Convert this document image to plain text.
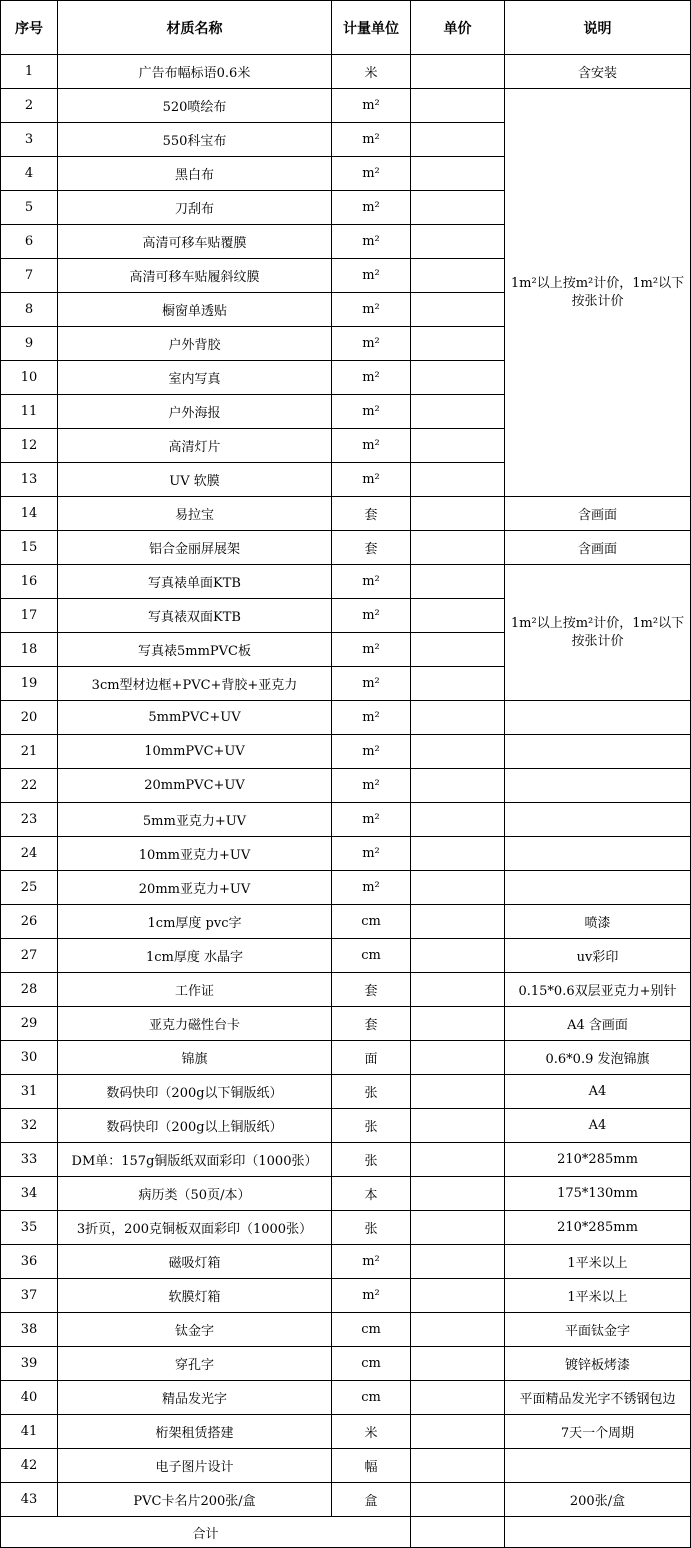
序号	材质名称	计量单位	单价	说明
1	广告布幅标语0.6米	米		含安装
2	520喷绘布	m²		1m²以上按m²计价，1m²以下按张计价
3	550科宝布	m²		
4	黑白布	m²		
5	刀刮布	m²		
6	高清可移车贴覆膜	m²		
7	高清可移车贴履斜纹膜	m²		
8	橱窗单透贴	m²		
9	户外背胶	m²		
10	室内写真	m²		
11	户外海报	m²		
12	高清灯片	m²		
13	UV 软膜	m²		
14	易拉宝	套		含画面
15	铝合金丽屏展架	套		含画面
16	写真裱单面KTB	m²		1m²以上按m²计价，1m²以下按张计价
17	写真裱双面KTB	m²		
18	写真裱5mmPVC板	m²		
19	3cm型材边框+PVC+背胶+亚克力	m²		
20	5mmPVC+UV	m²		
21	10mmPVC+UV	m²		
22	20mmPVC+UV	m²		
23	5mm亚克力+UV	m²		
24	10mm亚克力+UV	m²		
25	20mm亚克力+UV	m²		
26	1cm厚度 pvc字	cm		喷漆
27	1cm厚度 水晶字	cm		uv彩印
28	工作证	套		0.15*0.6双层亚克力+别针
29	亚克力磁性台卡	套		A4 含画面
30	锦旗	面		0.6*0.9 发泡锦旗
31	数码快印（200g以下铜版纸）	张		A4
32	数码快印（200g以上铜版纸）	张		A4
33	DM单：157g铜版纸双面彩印（1000张）	张		210*285mm
34	病历类（50页/本）	本		175*130mm
35	3折页，200克铜板双面彩印（1000张）	张		210*285mm
36	磁吸灯箱	m²		1平米以上
37	软膜灯箱	m²		1平米以上
38	钛金字	cm		平面钛金字
39	穿孔字	cm		镀锌板烤漆
40	精品发光字	cm		平面精品发光字不锈钢包边
41	桁架租赁搭建	米		7天一个周期
42	电子图片设计	幅		
43	PVC卡名片200张/盒	盒		200张/盒
合计				
